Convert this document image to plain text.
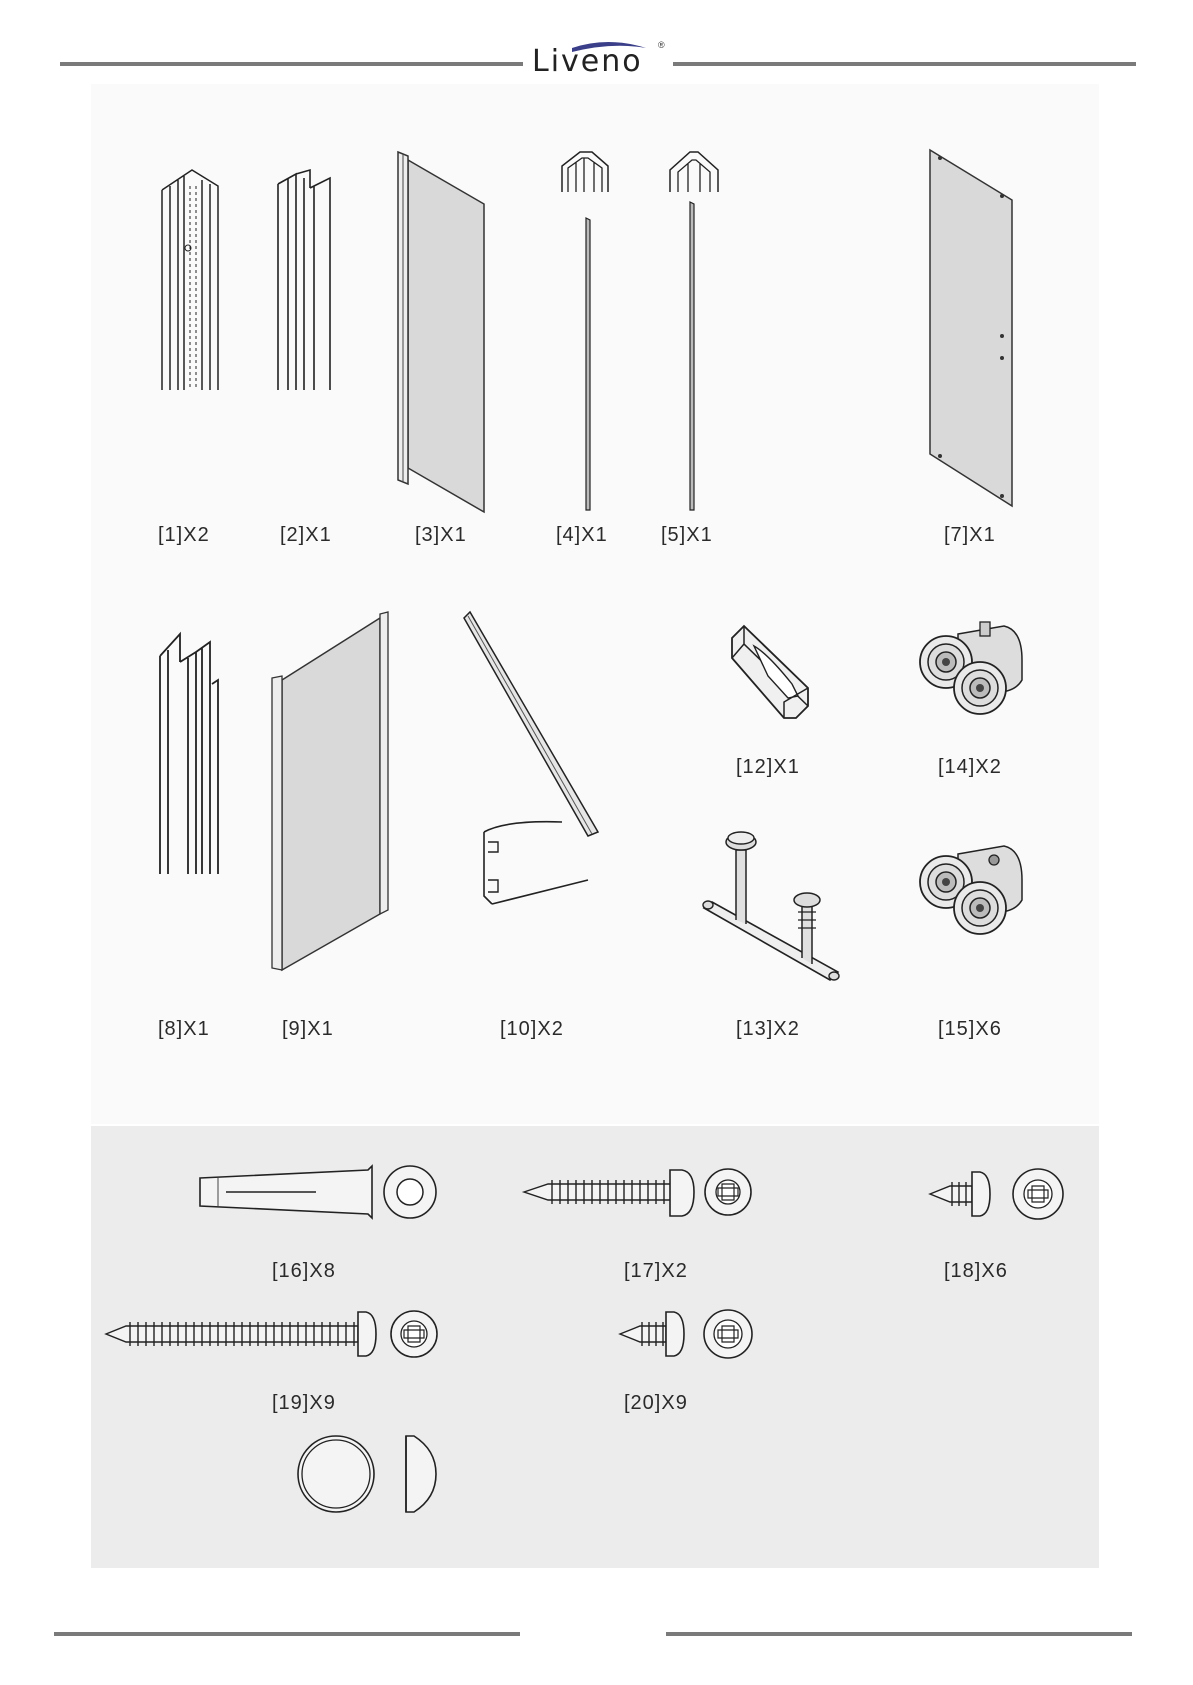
Liveno ®
[1]X2	[2]X1	[3]X1	[4]X1	[5]X1	[7]X1
[12]X1	[14]X2
[8]X1	[9]X1	[10]X2	[13]X2	[15]X6
[16]X8	[17]X2	[18]X6
[19]X9	[20]X9
